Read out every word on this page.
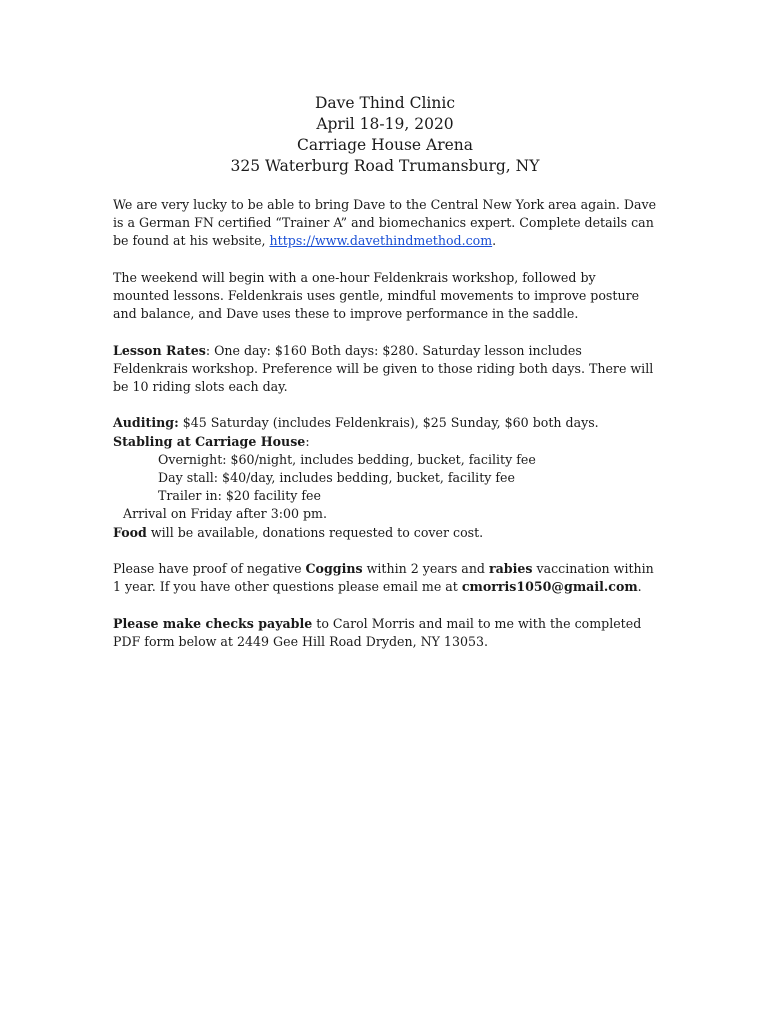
Dave Thind Clinic
April 18-19, 2020
Carriage House Arena
325 Waterburg Road Trumansburg, NY

We are very lucky to be able to bring Dave to the Central New York area again. Dave
is a German FN certified “Trainer A” and biomechanics expert. Complete details can
be found at his website, https://www.davethindmethod.com.

The weekend will begin with a one-hour Feldenkrais workshop, followed by
mounted lessons. Feldenkrais uses gentle, mindful movements to improve posture
and balance, and Dave uses these to improve performance in the saddle.

Lesson Rates: One day: $160 Both days: $280. Saturday lesson includes
Feldenkrais workshop. Preference will be given to those riding both days. There will
be 10 riding slots each day.

Auditing: $45 Saturday (includes Feldenkrais), $25 Sunday, $60 both days.
Stabling at Carriage House:
Overnight: $60/night, includes bedding, bucket, facility fee
Day stall: $40/day, includes bedding, bucket, facility fee
Trailer in: $20 facility fee
Arrival on Friday after 3:00 pm.
Food will be available, donations requested to cover cost.

Please have proof of negative Coggins within 2 years and rabies vaccination within
1 year. If you have other questions please email me at cmorris1050@gmail.com.

Please make checks payable to Carol Morris and mail to me with the completed
PDF form below at 2449 Gee Hill Road Dryden, NY 13053.
